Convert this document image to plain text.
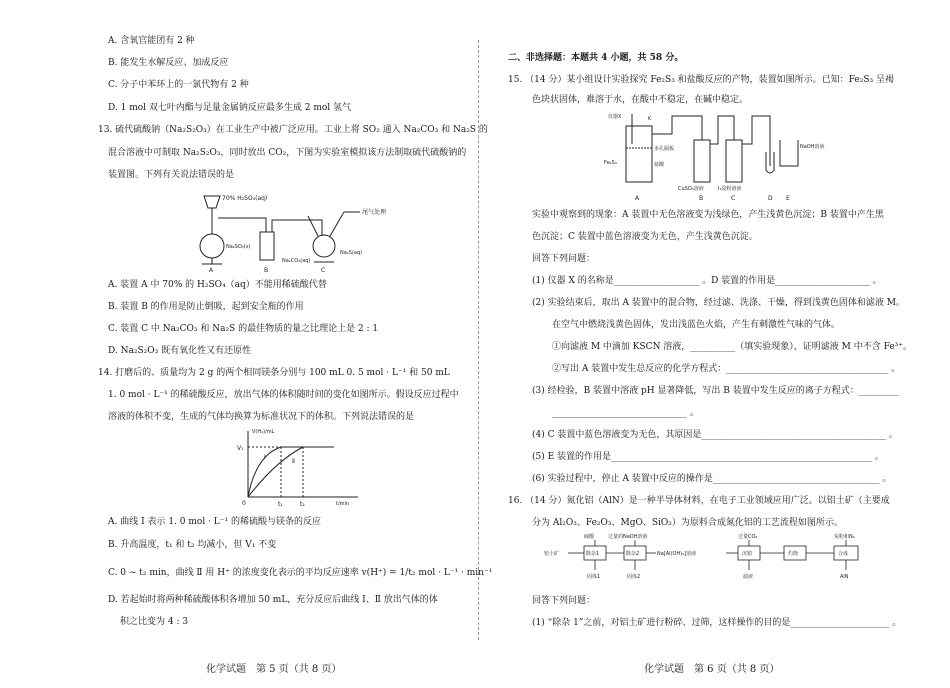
A. 含氧官能团有 2 种
B. 能发生水解反应、加成反应
C. 分子中苯环上的一氯代物有 2 种
D. 1 mol 双七叶内酯与足量金属钠反应最多生成 2 mol 氢气
13. 硫代硫酸钠（Na₂S₂O₃）在工业生产中被广泛应用。工业上将 SO₂ 通入 Na₂CO₃ 和 Na₂S 的
混合溶液中可制取 Na₂S₂O₃，同时放出 CO₂，下图为实验室模拟该方法制取硫代硫酸钠的
装置图。下列有关说法错误的是
70% H₂SO₄(aq)
尾气处理
Na₂SO₃(s)
Na₂CO₃(aq)
Na₂S(aq)
A	B	C
A. 装置 A 中 70% 的 H₂SO₄（aq）不能用稀硫酸代替
B. 装置 B 的作用是防止倒吸，起到安全瓶的作用
C. 装置 C 中 Na₂CO₃ 和 Na₂S 的最佳物质的量之比理论上是 2 : 1
D. Na₂S₂O₃ 既有氧化性又有还原性
14. 打磨后的、质量均为 2 g 的两个相同镁条分别与 100 mL 0. 5 mol · L⁻¹ 和 50 mL
1. 0 mol · L⁻¹ 的稀硫酸反应，放出气体的体积随时间的变化如图所示。假设反应过程中
溶液的体积不变，生成的气体均换算为标准状况下的体积。下列说法错误的是
V(H₂)/mL
t/min
V₁
0	t₁	t₂
Ⅰ
Ⅱ
A. 曲线 Ⅰ 表示 1. 0 mol · L⁻¹ 的稀硫酸与镁条的反应
B. 升高温度，t₁ 和 t₂ 均减小，但 V₁ 不变
C. 0 ~ t₂ min，曲线 Ⅱ 用 H⁺ 的浓度变化表示的平均反应速率 v(H⁺) = 1/t₂ mol · L⁻¹ · min⁻¹
D. 若起始时将两种稀硫酸体积各增加 50 mL，充分反应后曲线 Ⅰ、Ⅱ 放出气体的体
积之比变为 4 : 3
化学试题　第 5 页（共 8 页）
二、非选择题：本题共 4 小题，共 58 分。
15. （14 分）某小组设计实验探究 Fe₂S₃ 和盐酸反应的产物，装置如图所示。已知：Fe₂S₃ 呈褐
色块状固体，难溶于水，在酸中不稳定，在碱中稳定。
仪器X	K
多孔隔板
盐酸
Fe₂S₃
CuSO₄溶液	I₂淀粉溶液
NaOH溶液
A	B	C	D E
实验中观察到的现象：A 装置中无色溶液变为浅绿色，产生浅黄色沉淀；B 装置中产生黑
色沉淀；C 装置中蓝色溶液变为无色，产生浅黄色沉淀。
回答下列问题：
(1) 仪器 X 的名称是___________________ 。D 装置的作用是_____________________ 。
(2) 实验结束后，取出 A 装置中的混合物，经过滤、洗涤、干燥，得到浅黄色固体和滤液 M。
在空气中燃烧浅黄色固体，发出浅蓝色火焰，产生有刺激性气味的气体。
①向滤液 M 中滴加 KSCN 溶液，__________（填实验现象），证明滤液 M 中不含 Fe³⁺。
②写出 A 装置中发生总反应的化学方程式：____________________________________ 。
(3) 经检验，B 装置中溶液 pH 显著降低，写出 B 装置中发生反应的离子方程式：_________
______________________________ 。
(4) C 装置中蓝色溶液变为无色，其原因是_________________________________________ 。
(5) E 装置的作用是__________________________________________________________ 。
(6) 实验过程中，停止 A 装置中反应的操作是_____________________________________ 。
16. （14 分）氮化铝（AlN）是一种半导体材料，在电子工业领域应用广泛。以铝土矿（主要成
分为 Al₂O₃、Fe₂O₃、MgO、SiO₂）为原料合成氮化铝的工艺流程如图所示。
硫酸	过量的NaOH溶液	过量CO₂	炭粉和N₂
铝土矿	除杂1	除杂2	Na[Al(OH)₄]溶液	沉铝	灼烧	合成
固体1	固体2	滤液	AlN
回答下列问题：
(1) “除杂 1”之前，对铝土矿进行粉碎、过筛，这样操作的目的是______________________ 。
化学试题　第 6 页（共 8 页）
